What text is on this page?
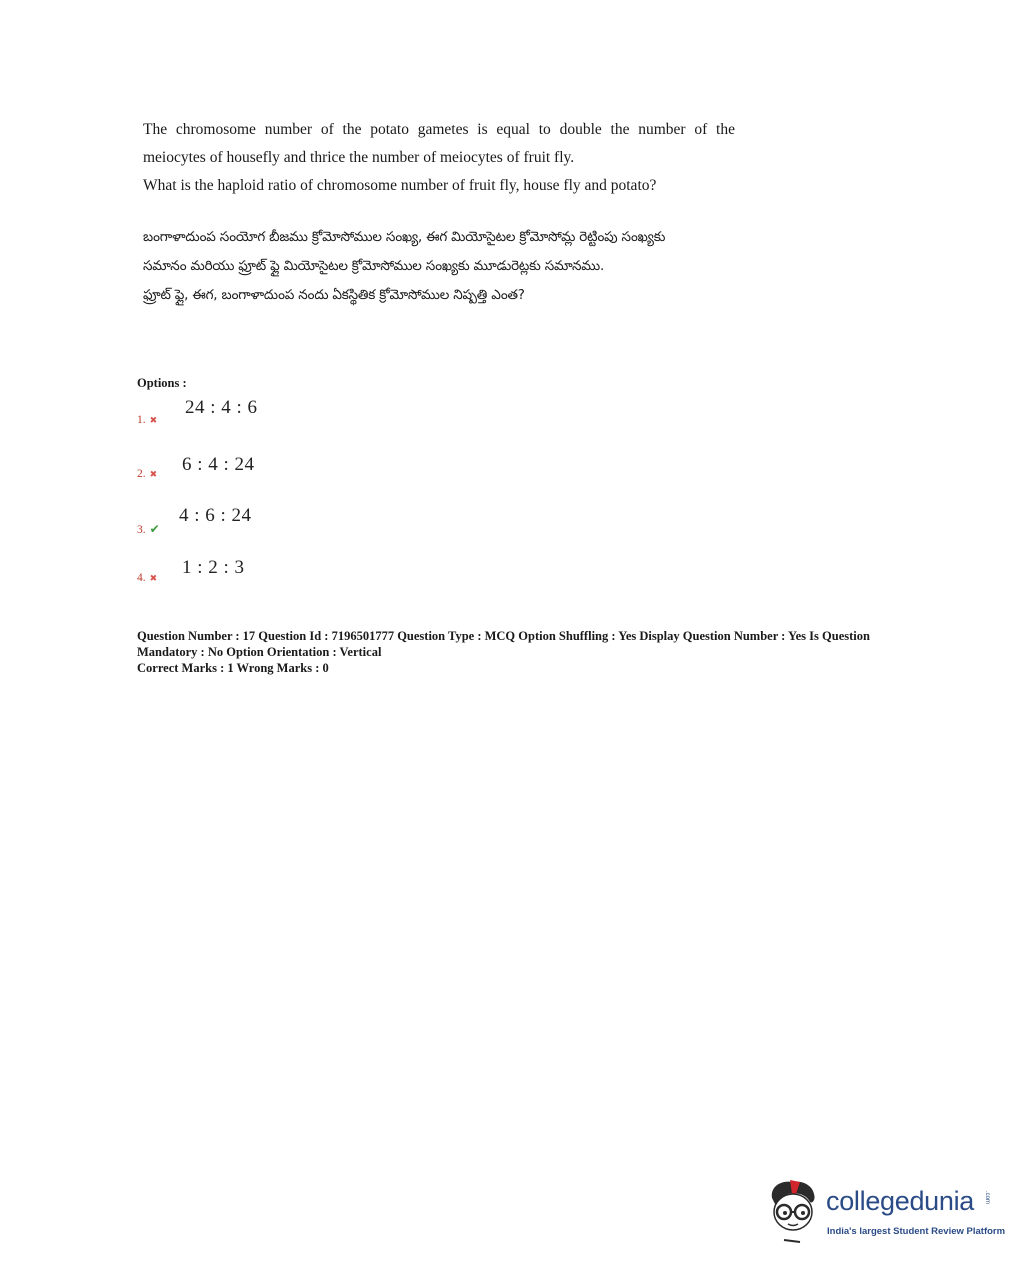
The chromosome number of the potato gametes is equal to double the number of the
meiocytes of housefly and thrice the number of meiocytes of fruit fly.
What is the haploid ratio of chromosome number of fruit fly, house fly and potato?
బంగాళాదుంప సంయోగ బీజము క్రోమోసోముల సంఖ్య, ఈగ మియోసైటల క్రోమోసోమ్ల రెట్టింపు సంఖ్యకు
సమానం మరియు ఫ్రూట్ ఫ్లై మియోసైటల క్రోమోసోముల సంఖ్యకు మూడురెట్లకు సమానము.
ఫ్రూట్ ఫ్లై, ఈగ, బంగాళాదుంప నందు ఏకస్థితిక క్రోమోసోముల నిష్పత్తి ఎంత?
Options :
1. ✖
24 : 4 : 6
2. ✖ 6 : 4 : 24
3. ✔
4 : 6 : 24
4. ✖
1 : 2 : 3
Question Number : 17 Question Id : 7196501777 Question Type : MCQ Option Shuffling : Yes Display Question Number : Yes Is Question
Mandatory : No Option Orientation : Vertical
Correct Marks : 1 Wrong Marks : 0
collegedunia .com
India's largest Student Review Platform
